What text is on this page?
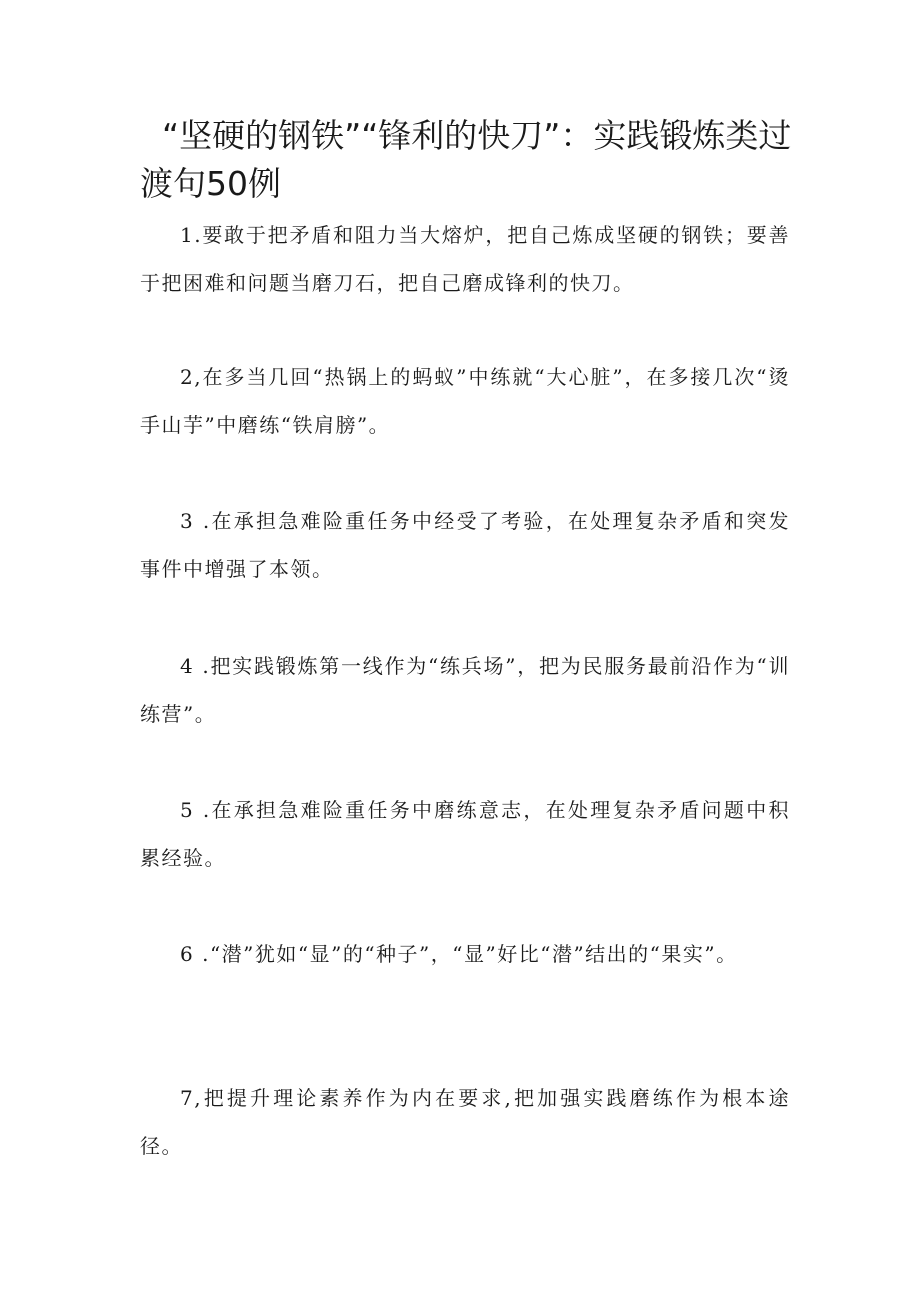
“坚硬的钢铁”“锋利的快刀”：实践锻炼类过渡句50例

1.要敢于把矛盾和阻力当大熔炉，把自己炼成坚硬的钢铁；要善于把困难和问题当磨刀石，把自己磨成锋利的快刀。

2,在多当几回“热锅上的蚂蚁”中练就“大心脏”，在多接几次“烫手山芋”中磨练“铁肩膀”。

3 .在承担急难险重任务中经受了考验，在处理复杂矛盾和突发事件中增强了本领。

4 .把实践锻炼第一线作为“练兵场”，把为民服务最前沿作为“训练营”。

5 .在承担急难险重任务中磨练意志，在处理复杂矛盾问题中积累经验。

6 .“潜”犹如“显”的“种子”，“显”好比“潜”结出的“果实”。

7,把提升理论素养作为内在要求,把加强实践磨练作为根本途径。
